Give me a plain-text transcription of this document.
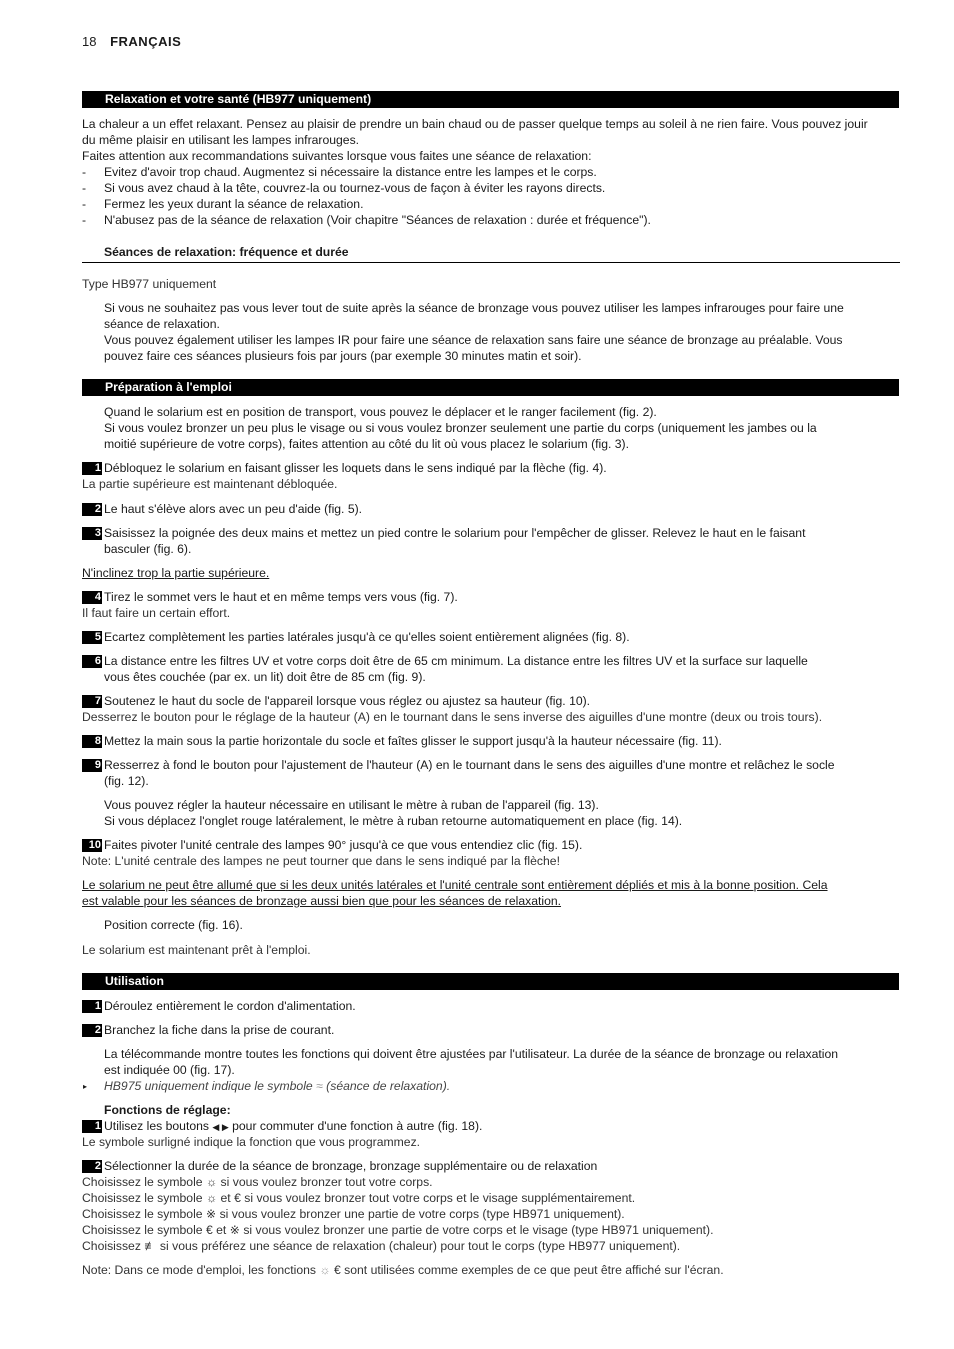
18 FRANÇAIS
Relaxation et votre santé (HB977 uniquement)
La chaleur a un effet relaxant. Pensez au plaisir de prendre un bain chaud ou de passer quelque temps au soleil à ne rien faire. Vous pouvez jouir
du même plaisir en utilisant les lampes infrarouges.
Faites attention aux recommandations suivantes lorsque vous faites une séance de relaxation:
- Evitez d'avoir trop chaud. Augmentez si nécessaire la distance entre les lampes et le corps.
- Si vous avez chaud à la tête, couvrez-la ou tournez-vous de façon à éviter les rayons directs.
- Fermez les yeux durant la séance de relaxation.
- N'abusez pas de la séance de relaxation (Voir chapitre "Séances de relaxation : durée et fréquence").
Séances de relaxation: fréquence et durée
Type HB977 uniquement
Si vous ne souhaitez pas vous lever tout de suite après la séance de bronzage vous pouvez utiliser les lampes infrarouges pour faire une
séance de relaxation.
Vous pouvez également utiliser les lampes IR pour faire une séance de relaxation sans faire une séance de bronzage au préalable. Vous
pouvez faire ces séances plusieurs fois par jours (par exemple 30 minutes matin et soir).
Préparation à l'emploi
Quand le solarium est en position de transport, vous pouvez le déplacer et le ranger facilement (fig. 2).
Si vous voulez bronzer un peu plus le visage ou si vous voulez bronzer seulement une partie du corps (uniquement les jambes ou la
moitié supérieure de votre corps), faites attention au côté du lit où vous placez le solarium (fig. 3).
1 Débloquez le solarium en faisant glisser les loquets dans le sens indiqué par la flèche (fig. 4).
La partie supérieure est maintenant débloquée.
2 Le haut s'élève alors avec un peu d'aide (fig. 5).
3 Saisissez la poignée des deux mains et mettez un pied contre le solarium pour l'empêcher de glisser. Relevez le haut en le faisant
basculer (fig. 6).
N'inclinez trop la partie supérieure.
4 Tirez le sommet vers le haut et en même temps vers vous (fig. 7).
Il faut faire un certain effort.
5 Ecartez complètement les parties latérales jusqu'à ce qu'elles soient entièrement alignées (fig. 8).
6 La distance entre les filtres UV et votre corps doit être de 65 cm minimum. La distance entre les filtres UV et la surface sur laquelle
vous êtes couchée (par ex. un lit) doit être de 85 cm (fig. 9).
7 Soutenez le haut du socle de l'appareil lorsque vous réglez ou ajustez sa hauteur (fig. 10).
Desserrez le bouton pour le réglage de la hauteur (A) en le tournant dans le sens inverse des aiguilles d'une montre (deux ou trois tours).
8 Mettez la main sous la partie horizontale du socle et faîtes glisser le support jusqu'à la hauteur nécessaire (fig. 11).
9 Resserrez à fond le bouton pour l'ajustement de l'hauteur (A) en le tournant dans le sens des aiguilles d'une montre et relâchez le socle
(fig. 12).
Vous pouvez régler la hauteur nécessaire en utilisant le mètre à ruban de l'appareil (fig. 13).
Si vous déplacez l'onglet rouge latéralement, le mètre à ruban retourne automatiquement en place (fig. 14).
10 Faites pivoter l'unité centrale des lampes 90° jusqu'à ce que vous entendiez clic (fig. 15).
Note: L'unité centrale des lampes ne peut tourner que dans le sens indiqué par la flèche!
Le solarium ne peut être allumé que si les deux unités latérales et l'unité centrale sont entièrement dépliés et mis à la bonne position. Cela
est valable pour les séances de bronzage aussi bien que pour les séances de relaxation.
Position correcte (fig. 16).
Le solarium est maintenant prêt à l'emploi.
Utilisation
1 Déroulez entièrement le cordon d'alimentation.
2 Branchez la fiche dans la prise de courant.
La télécommande montre toutes les fonctions qui doivent être ajustées par l'utilisateur. La durée de la séance de bronzage ou relaxation
est indiquée 00 (fig. 17).
▸ HB975 uniquement indique le symbole ≈ (séance de relaxation).
Fonctions de réglage:
1 Utilisez les boutons ◀ ▶ pour commuter d'une fonction à autre (fig. 18).
Le symbole surligné indique la fonction que vous programmez.
2 Sélectionner la durée de la séance de bronzage, bronzage supplémentaire ou de relaxation
Choisissez le symbole ☼ si vous voulez bronzer tout votre corps.
Choisissez le symbole ☼ et € si vous voulez bronzer tout votre corps et le visage supplémentairement.
Choisissez le symbole ※ si vous voulez bronzer une partie de votre corps (type HB971 uniquement).
Choisissez le symbole € et ※ si vous voulez bronzer une partie de votre corps et le visage (type HB971 uniquement).
Choisissez ≢ si vous préférez une séance de relaxation (chaleur) pour tout le corps (type HB977 uniquement).
Note: Dans ce mode d'emploi, les fonctions ☼ € sont utilisées comme exemples de ce que peut être affiché sur l'écran.
